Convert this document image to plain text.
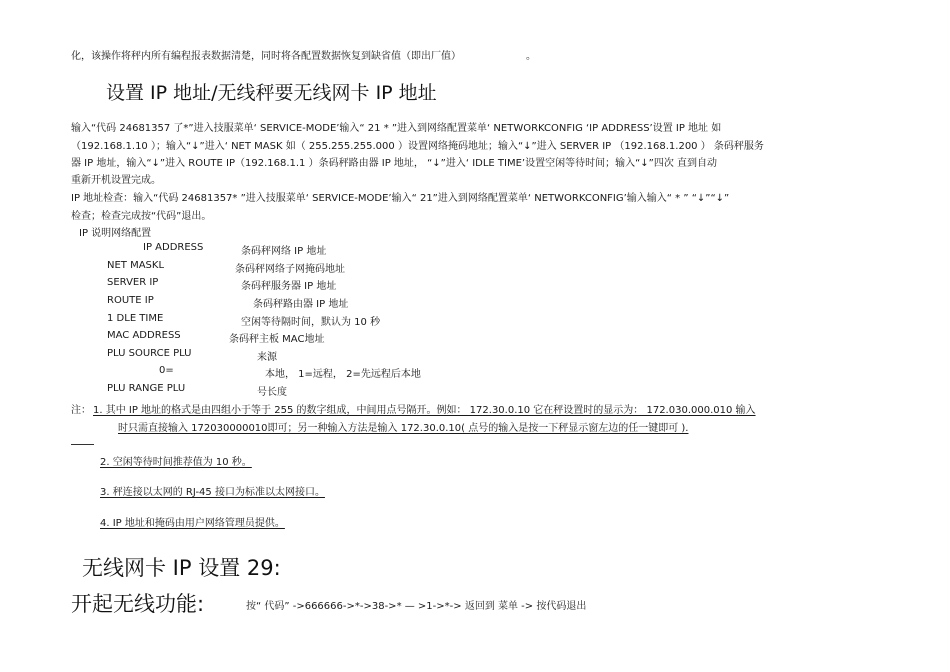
化，该操作将秤内所有编程报表数据清楚，同时将各配置数据恢复到缺省值（即出厂值）	。
设置 IP 地址/无线秤要无线网卡 IP 地址
输入“代码 24681357 了*”进入技服菜单‘ SERVICE-MODE’输入“ 21 * ”进入到网络配置菜单‘ NETWORKCONFIG ‘IP ADDRESS’设置 IP 地址 如
（192.168.1.10 ）；输入“↓”进入‘ NET MASK 如（ 255.255.255.000 ）设置网络掩码地址；输入“↓”进入 SERVER IP （192.168.1.200 ） 条码秤服务
器 IP 地址，输入“↓”进入 ROUTE IP（192.168.1.1 ）条码秤路由器 IP 地址， “↓”进入‘ IDLE TIME’设置空闲等待时间；输入“↓”四次 直到自动
重新开机设置完成。
IP 地址检查：输入“代码 24681357* ”进入技服菜单‘ SERVICE-MODE’输入“ 21”进入到网络配置菜单‘ NETWORKCONFIG’输入输入“ * ” “↓”“↓”
检查；检查完成按“代码”退出。
IP 说明网络配置
IP ADDRESS	条码秤网络 IP 地址
NET MASKL	条码秤网络子网掩码地址
SERVER IP	条码秤服务器 IP 地址
ROUTE IP	条码秤路由器 IP 地址
1 DLE TIME	空闲等待隔时间，默认为 10 秒
MAC ADDRESS	条码秤主板 MAC地址
PLU SOURCE PLU	来源
0=	本地， 1=远程， 2=先远程后本地
PLU RANGE PLU	号长度
注： 1. 其中 IP 地址的格式是由四组小于等于 255 的数字组成，中间用点号隔开。例如： 172.30.0.10 它在秤设置时的显示为： 172.030.000.010 输入
时只需直接输入 172030000010即可；另一种输入方法是输入 172.30.0.10( 点号的输入是按一下秤显示窗左边的任一键即可 ).
2. 空闲等待时间推荐值为 10 秒。
3. 秤连接以太网的 RJ-45 接口为标准以太网接口。
4. IP 地址和掩码由用户网络管理员提供。
无线网卡 IP 设置 29:
开起无线功能:	按“ 代码” ->666666->*->38->* — >1->*-> 返回到 菜单 -> 按代码退出
